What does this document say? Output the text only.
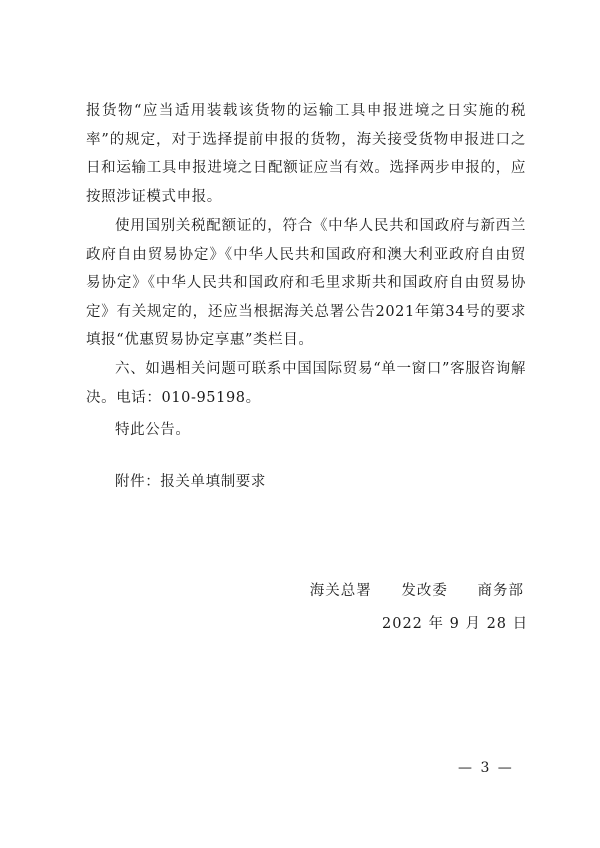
报货物“应当适用装载该货物的运输工具申报进境之日实施的税率”的规定，对于选择提前申报的货物，海关接受货物申报进口之日和运输工具申报进境之日配额证应当有效。选择两步申报的，应按照涉证模式申报。

使用国别关税配额证的，符合《中华人民共和国政府与新西兰政府自由贸易协定》《中华人民共和国政府和澳大利亚政府自由贸易协定》《中华人民共和国政府和毛里求斯共和国政府自由贸易协定》有关规定的，还应当根据海关总署公告2021年第34号的要求填报“优惠贸易协定享惠”类栏目。

六、如遇相关问题可联系中国国际贸易“单一窗口”客服咨询解决。电话：010-95198。

特此公告。

附件：报关单填制要求

海关总署 发改委 商务部
2022 年 9 月 28 日
— 3 —
